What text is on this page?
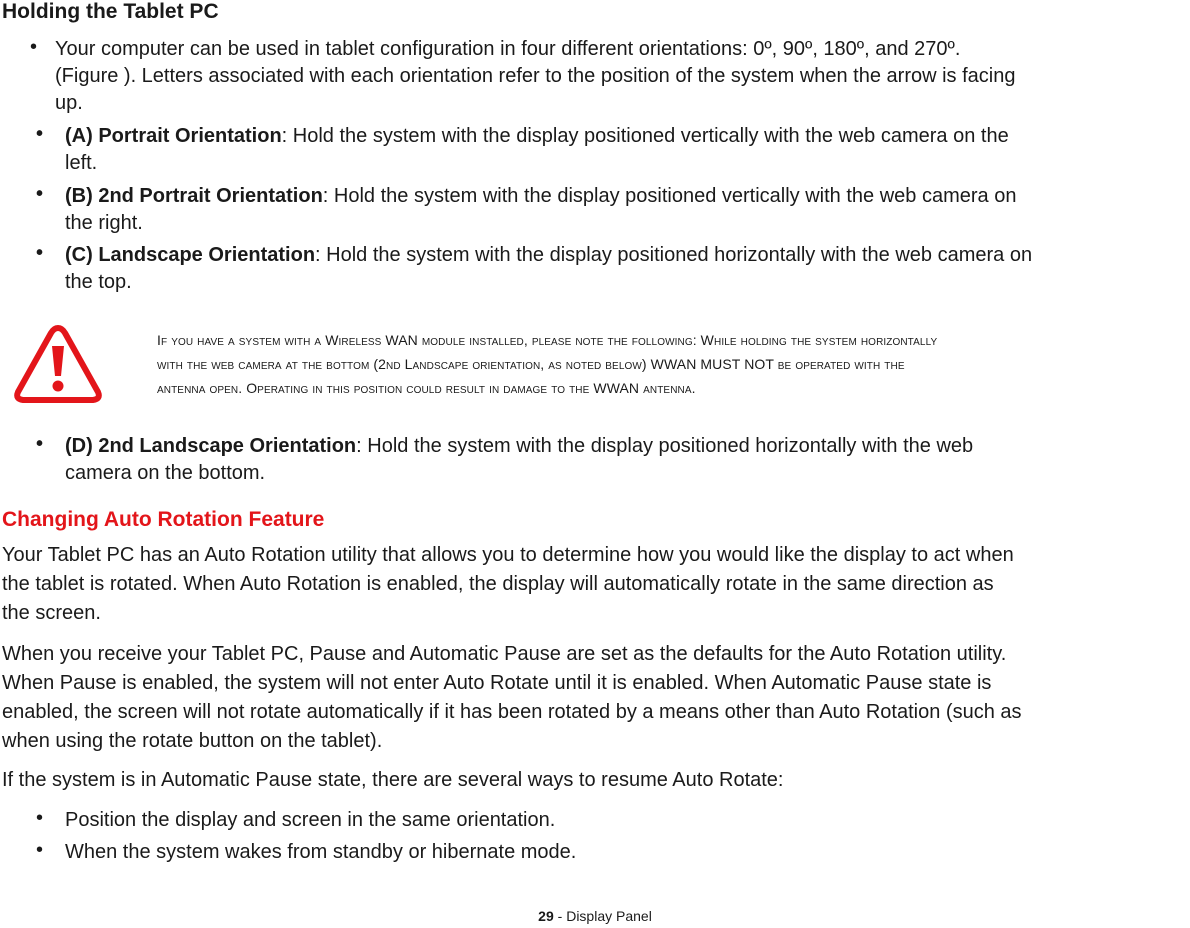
Holding the Tablet PC
• Your computer can be used in tablet configuration in four different orientations: 0º, 90º, 180º, and 270º.
(Figure ). Letters associated with each orientation refer to the position of the system when the arrow is facing
up.
• (A) Portrait Orientation: Hold the system with the display positioned vertically with the web camera on the
left.
• (B) 2nd Portrait Orientation: Hold the system with the display positioned vertically with the web camera on
the right.
• (C) Landscape Orientation: Hold the system with the display positioned horizontally with the web camera on
the top.
If you have a system with a Wireless WAN module installed, please note the following: While holding the system horizontally
with the web camera at the bottom (2nd Landscape orientation, as noted below) WWAN MUST NOT be operated with the
antenna open. Operating in this position could result in damage to the WWAN antenna.
• (D) 2nd Landscape Orientation: Hold the system with the display positioned horizontally with the web
camera on the bottom.
Changing Auto Rotation Feature
Your Tablet PC has an Auto Rotation utility that allows you to determine how you would like the display to act when
the tablet is rotated. When Auto Rotation is enabled, the display will automatically rotate in the same direction as
the screen.
When you receive your Tablet PC, Pause and Automatic Pause are set as the defaults for the Auto Rotation utility.
When Pause is enabled, the system will not enter Auto Rotate until it is enabled. When Automatic Pause state is
enabled, the screen will not rotate automatically if it has been rotated by a means other than Auto Rotation (such as
when using the rotate button on the tablet).
If the system is in Automatic Pause state, there are several ways to resume Auto Rotate:
• Position the display and screen in the same orientation.
• When the system wakes from standby or hibernate mode.
29 - Display Panel
